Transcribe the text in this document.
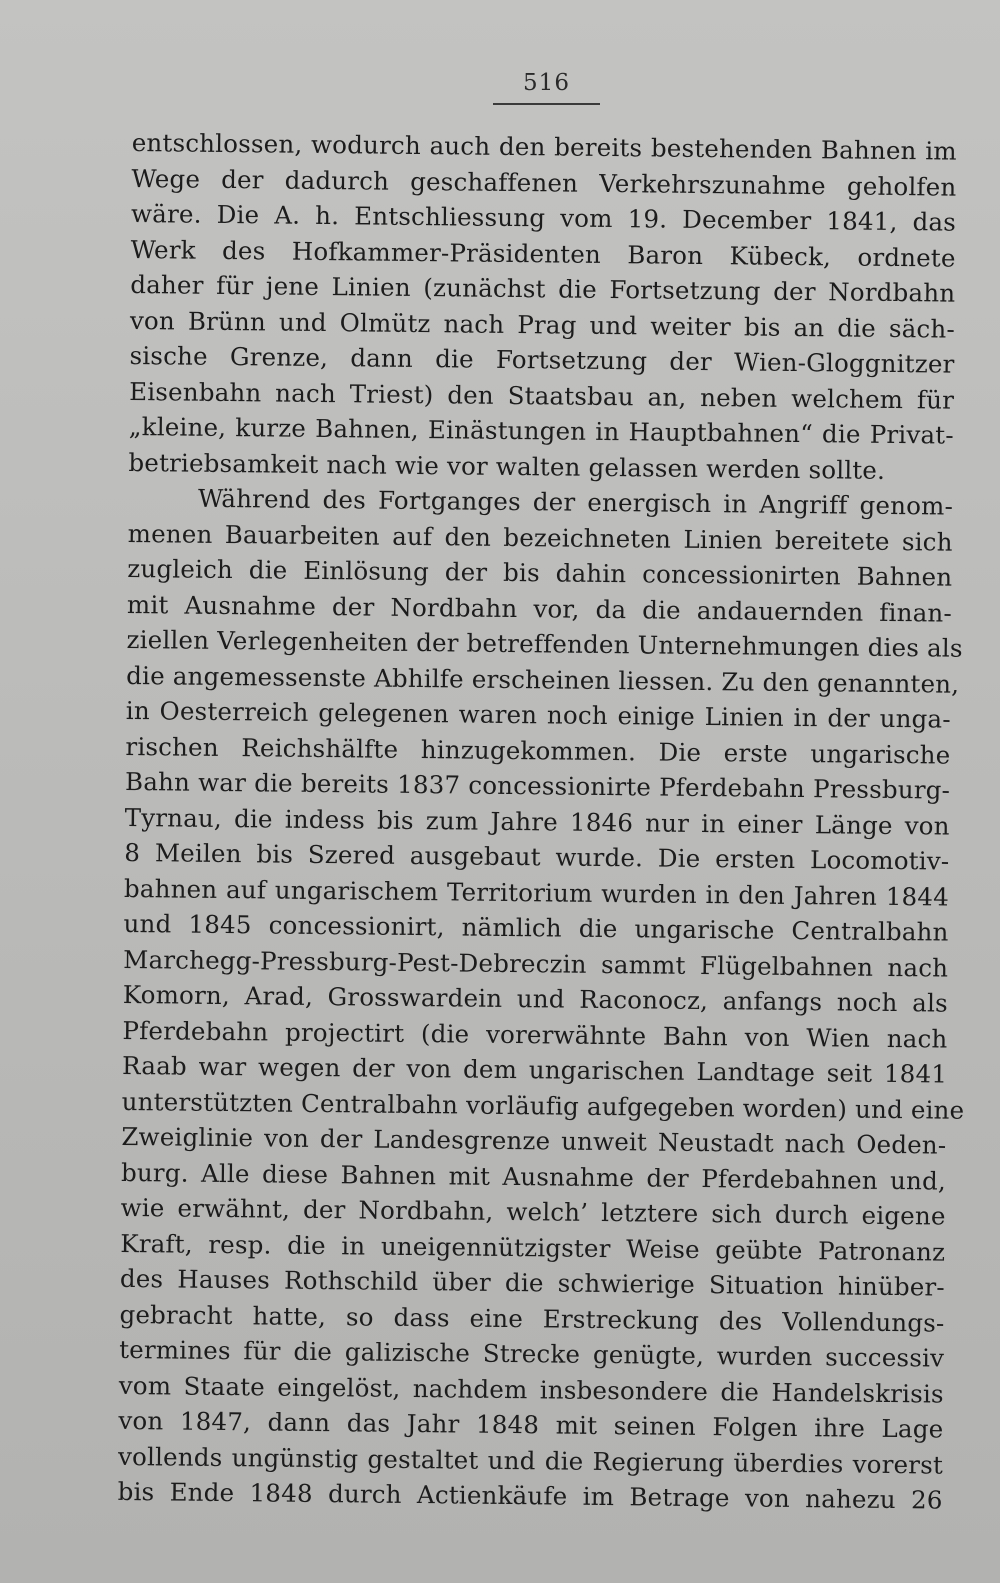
516
entschlossen, wodurch auch den bereits bestehenden Bahnen im
Wege der dadurch geschaffenen Verkehrszunahme geholfen
wäre. Die A. h. Entschliessung vom 19. December 1841, das
Werk des Hofkammer-Präsidenten Baron Kübeck, ordnete
daher für jene Linien (zunächst die Fortsetzung der Nordbahn
von Brünn und Olmütz nach Prag und weiter bis an die säch-
sische Grenze, dann die Fortsetzung der Wien-Gloggnitzer
Eisenbahn nach Triest) den Staatsbau an, neben welchem für
„kleine, kurze Bahnen, Einästungen in Hauptbahnen“ die Privat-
betriebsamkeit nach wie vor walten gelassen werden sollte.
Während des Fortganges der energisch in Angriff genom-
menen Bauarbeiten auf den bezeichneten Linien bereitete sich
zugleich die Einlösung der bis dahin concessionirten Bahnen
mit Ausnahme der Nordbahn vor, da die andauernden finan-
ziellen Verlegenheiten der betreffenden Unternehmungen dies als
die angemessenste Abhilfe erscheinen liessen. Zu den genannten,
in Oesterreich gelegenen waren noch einige Linien in der unga-
rischen Reichshälfte hinzugekommen. Die erste ungarische
Bahn war die bereits 1837 concessionirte Pferdebahn Pressburg-
Tyrnau, die indess bis zum Jahre 1846 nur in einer Länge von
8 Meilen bis Szered ausgebaut wurde. Die ersten Locomotiv-
bahnen auf ungarischem Territorium wurden in den Jahren 1844
und 1845 concessionirt, nämlich die ungarische Centralbahn
Marchegg-Pressburg-Pest-Debreczin sammt Flügelbahnen nach
Komorn, Arad, Grosswardein und Raconocz, anfangs noch als
Pferdebahn projectirt (die vorerwähnte Bahn von Wien nach
Raab war wegen der von dem ungarischen Landtage seit 1841
unterstützten Centralbahn vorläufig aufgegeben worden) und eine
Zweiglinie von der Landesgrenze unweit Neustadt nach Oeden-
burg. Alle diese Bahnen mit Ausnahme der Pferdebahnen und,
wie erwähnt, der Nordbahn, welch’ letztere sich durch eigene
Kraft, resp. die in uneigennützigster Weise geübte Patronanz
des Hauses Rothschild über die schwierige Situation hinüber-
gebracht hatte, so dass eine Erstreckung des Vollendungs-
termines für die galizische Strecke genügte, wurden successiv
vom Staate eingelöst, nachdem insbesondere die Handelskrisis
von 1847, dann das Jahr 1848 mit seinen Folgen ihre Lage
vollends ungünstig gestaltet und die Regierung überdies vorerst
bis Ende 1848 durch Actienkäufe im Betrage von nahezu 26
